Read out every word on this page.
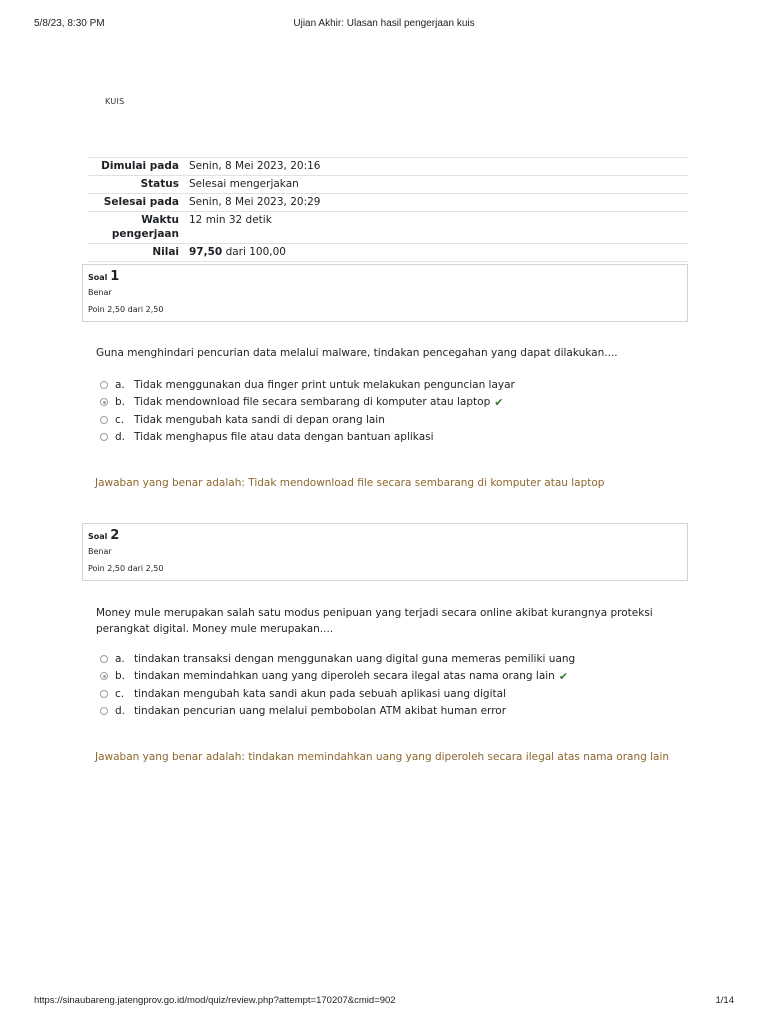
5/8/23, 8:30 PM	Ujian Akhir: Ulasan hasil pengerjaan kuis
KUIS
Dimulai pada	Senin, 8 Mei 2023, 20:16
Status	Selesai mengerjakan
Selesai pada	Senin, 8 Mei 2023, 20:29
Waktu pengerjaan	12 min 32 detik
Nilai	97,50 dari 100,00
Soal 1
Benar
Poin 2,50 dari 2,50
Guna menghindari pencurian data melalui malware, tindakan pencegahan yang dapat dilakukan....
a. Tidak menggunakan dua finger print untuk melakukan penguncian layar
b. Tidak mendownload file secara sembarang di komputer atau laptop ✔
c. Tidak mengubah kata sandi di depan orang lain
d. Tidak menghapus file atau data dengan bantuan aplikasi
Jawaban yang benar adalah: Tidak mendownload file secara sembarang di komputer atau laptop
Soal 2
Benar
Poin 2,50 dari 2,50
Money mule merupakan salah satu modus penipuan yang terjadi secara online akibat kurangnya proteksi perangkat digital. Money mule merupakan....
a. tindakan transaksi dengan menggunakan uang digital guna memeras pemiliki uang
b. tindakan memindahkan uang yang diperoleh secara ilegal atas nama orang lain ✔
c. tindakan mengubah kata sandi akun pada sebuah aplikasi uang digital
d. tindakan pencurian uang melalui pembobolan ATM akibat human error
Jawaban yang benar adalah: tindakan memindahkan uang yang diperoleh secara ilegal atas nama orang lain
https://sinaubareng.jatengprov.go.id/mod/quiz/review.php?attempt=170207&cmid=902	1/14
